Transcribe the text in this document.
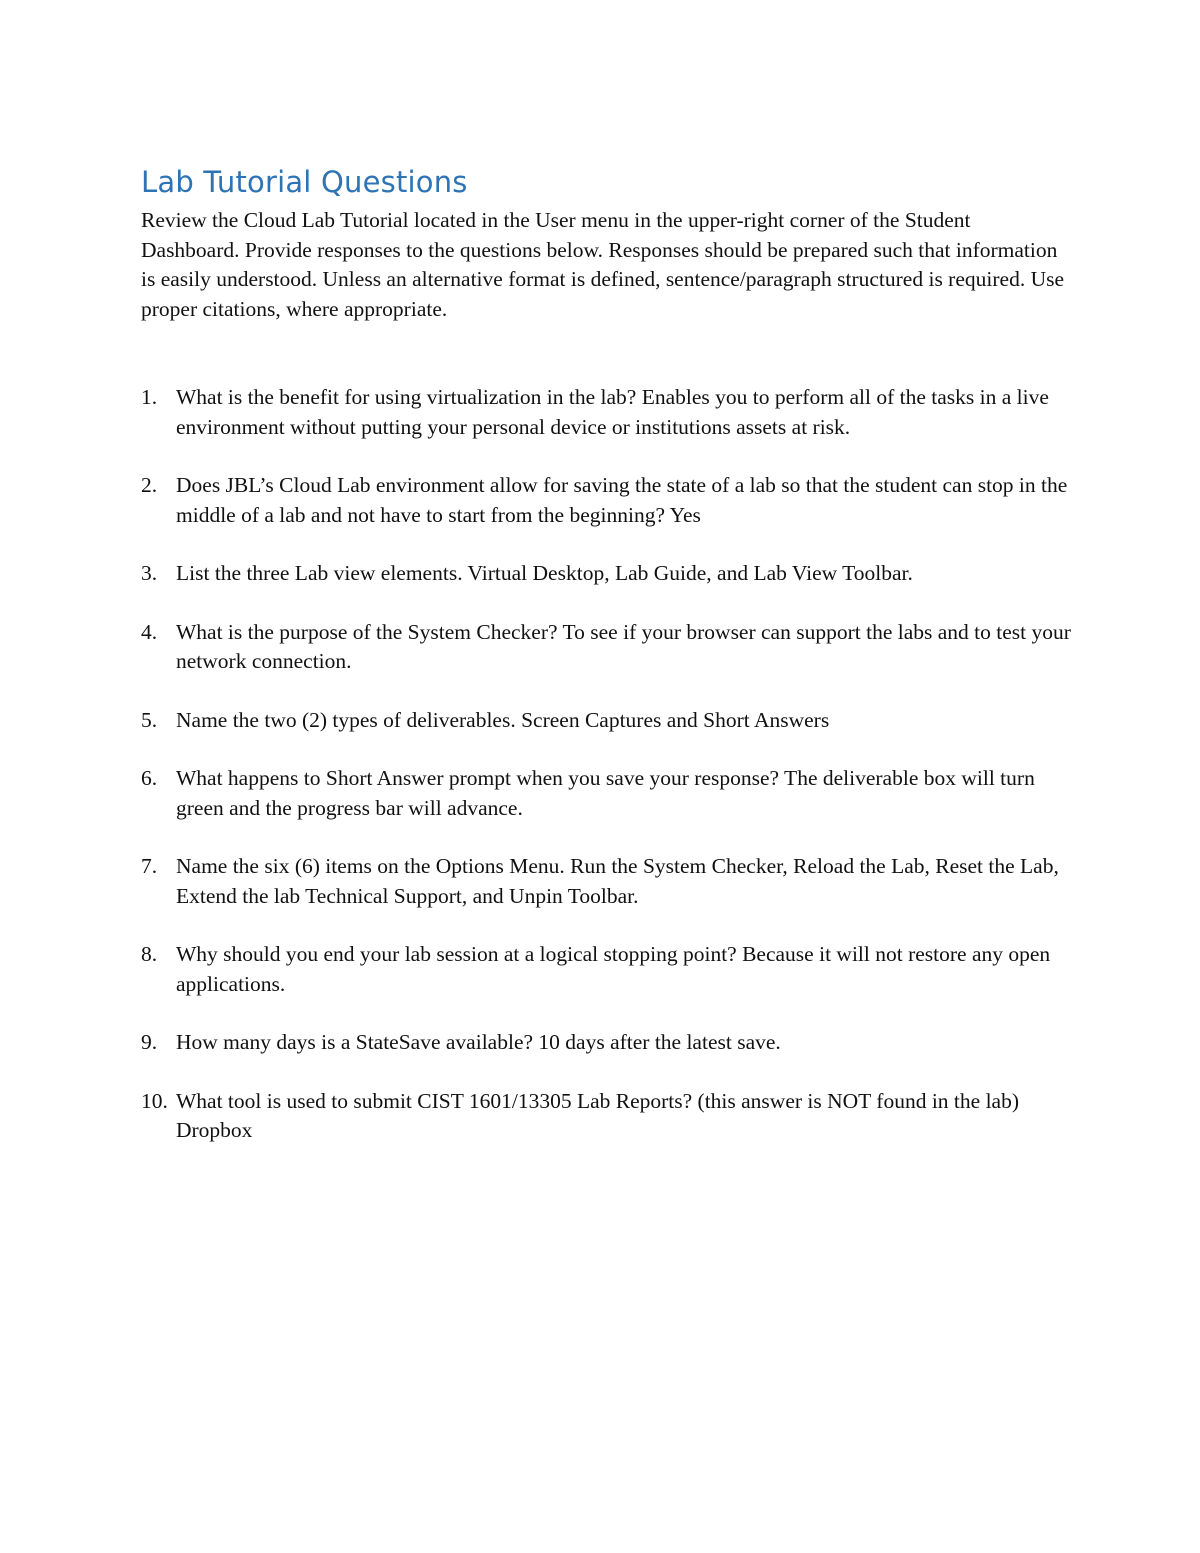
Lab Tutorial Questions

Review the Cloud Lab Tutorial located in the User menu in the upper-right corner of the Student Dashboard. Provide responses to the questions below. Responses should be prepared such that information is easily understood. Unless an alternative format is defined, sentence/paragraph structured is required. Use proper citations, where appropriate.

1. What is the benefit for using virtualization in the lab? Enables you to perform all of the tasks in a live environment without putting your personal device or institutions assets at risk.
2. Does JBL’s Cloud Lab environment allow for saving the state of a lab so that the student can stop in the middle of a lab and not have to start from the beginning? Yes
3. List the three Lab view elements. Virtual Desktop, Lab Guide, and Lab View Toolbar.
4. What is the purpose of the System Checker? To see if your browser can support the labs and to test your network connection.
5. Name the two (2) types of deliverables. Screen Captures and Short Answers
6. What happens to Short Answer prompt when you save your response? The deliverable box will turn green and the progress bar will advance.
7. Name the six (6) items on the Options Menu. Run the System Checker, Reload the Lab, Reset the Lab, Extend the lab Technical Support, and Unpin Toolbar.
8. Why should you end your lab session at a logical stopping point? Because it will not restore any open applications.
9. How many days is a StateSave available? 10 days after the latest save.
10. What tool is used to submit CIST 1601/13305 Lab Reports? (this answer is NOT found in the lab) Dropbox
